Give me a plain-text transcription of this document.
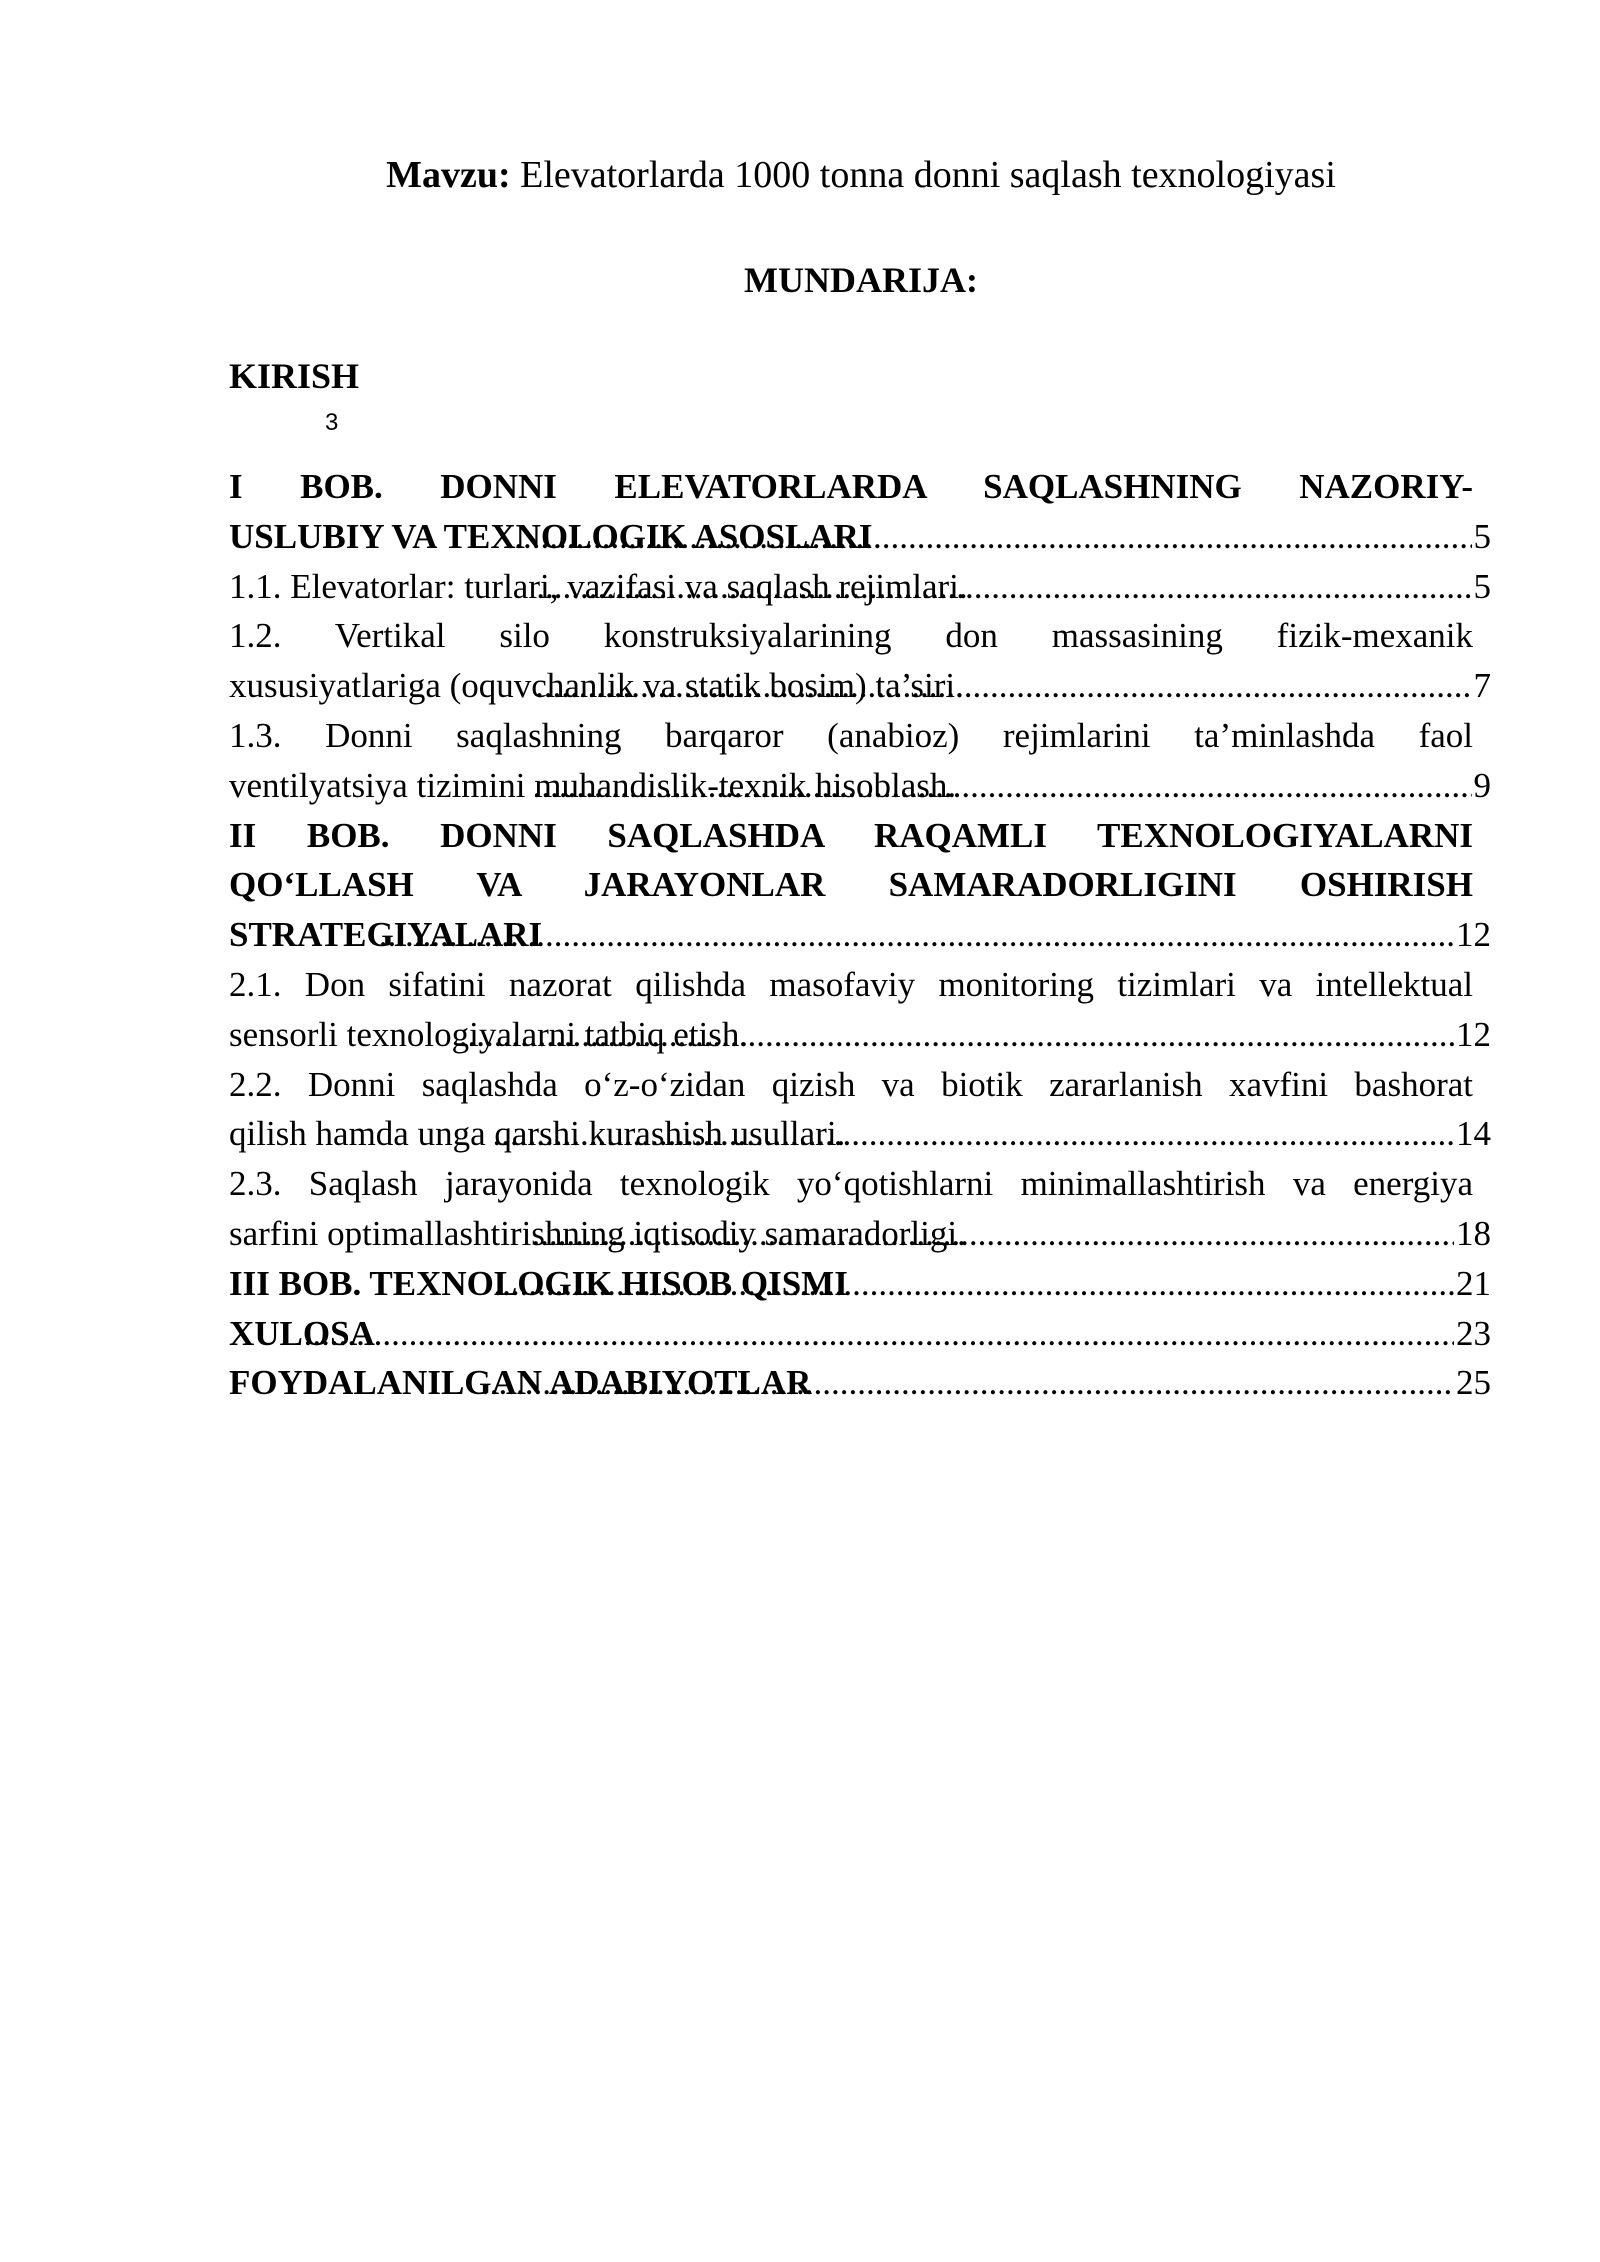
Mavzu: Elevatorlarda 1000 tonna donni saqlash texnologiyasi
MUNDARIJA:
KIRISH
3
I BOB. DONNI ELEVATORLARDA SAQLASHNING NAZORIY-
USLUBIY VA TEXNOLOGIK ASOSLARI .....	5
1.1. Elevatorlar: turlari, vazifasi va saqlash rejimlari. .....	5
1.2. Vertikal silo konstruksiyalarining don massasining fizik-mexanik
xususiyatlariga (oquvchanlik va statik bosim) ta’siri. .....	7
1.3. Donni saqlashning barqaror (anabioz) rejimlarini ta’minlashda faol
ventilyatsiya tizimini muhandislik-texnik hisoblash. .....	9
II BOB. DONNI SAQLASHDA RAQAMLI TEXNOLOGIYALARNI
QO‘LLASH VA JARAYONLAR SAMARADORLIGINI OSHIRISH
STRATEGIYALARI .....	12
2.1. Don sifatini nazorat qilishda masofaviy monitoring tizimlari va intellektual
sensorli texnologiyalarni tatbiq etish. .....	12
2.2. Donni saqlashda o‘z-o‘zidan qizish va biotik zararlanish xavfini bashorat
qilish hamda unga qarshi kurashish usullari. .....	14
2.3. Saqlash jarayonida texnologik yo‘qotishlarni minimallashtirish va energiya
sarfini optimallashtirishning iqtisodiy samaradorligi. .....	18
III BOB. TEXNOLOGIK HISOB QISMI .....	21
XULOSA .....	23
FOYDALANILGAN ADABIYOTLAR .....	25
